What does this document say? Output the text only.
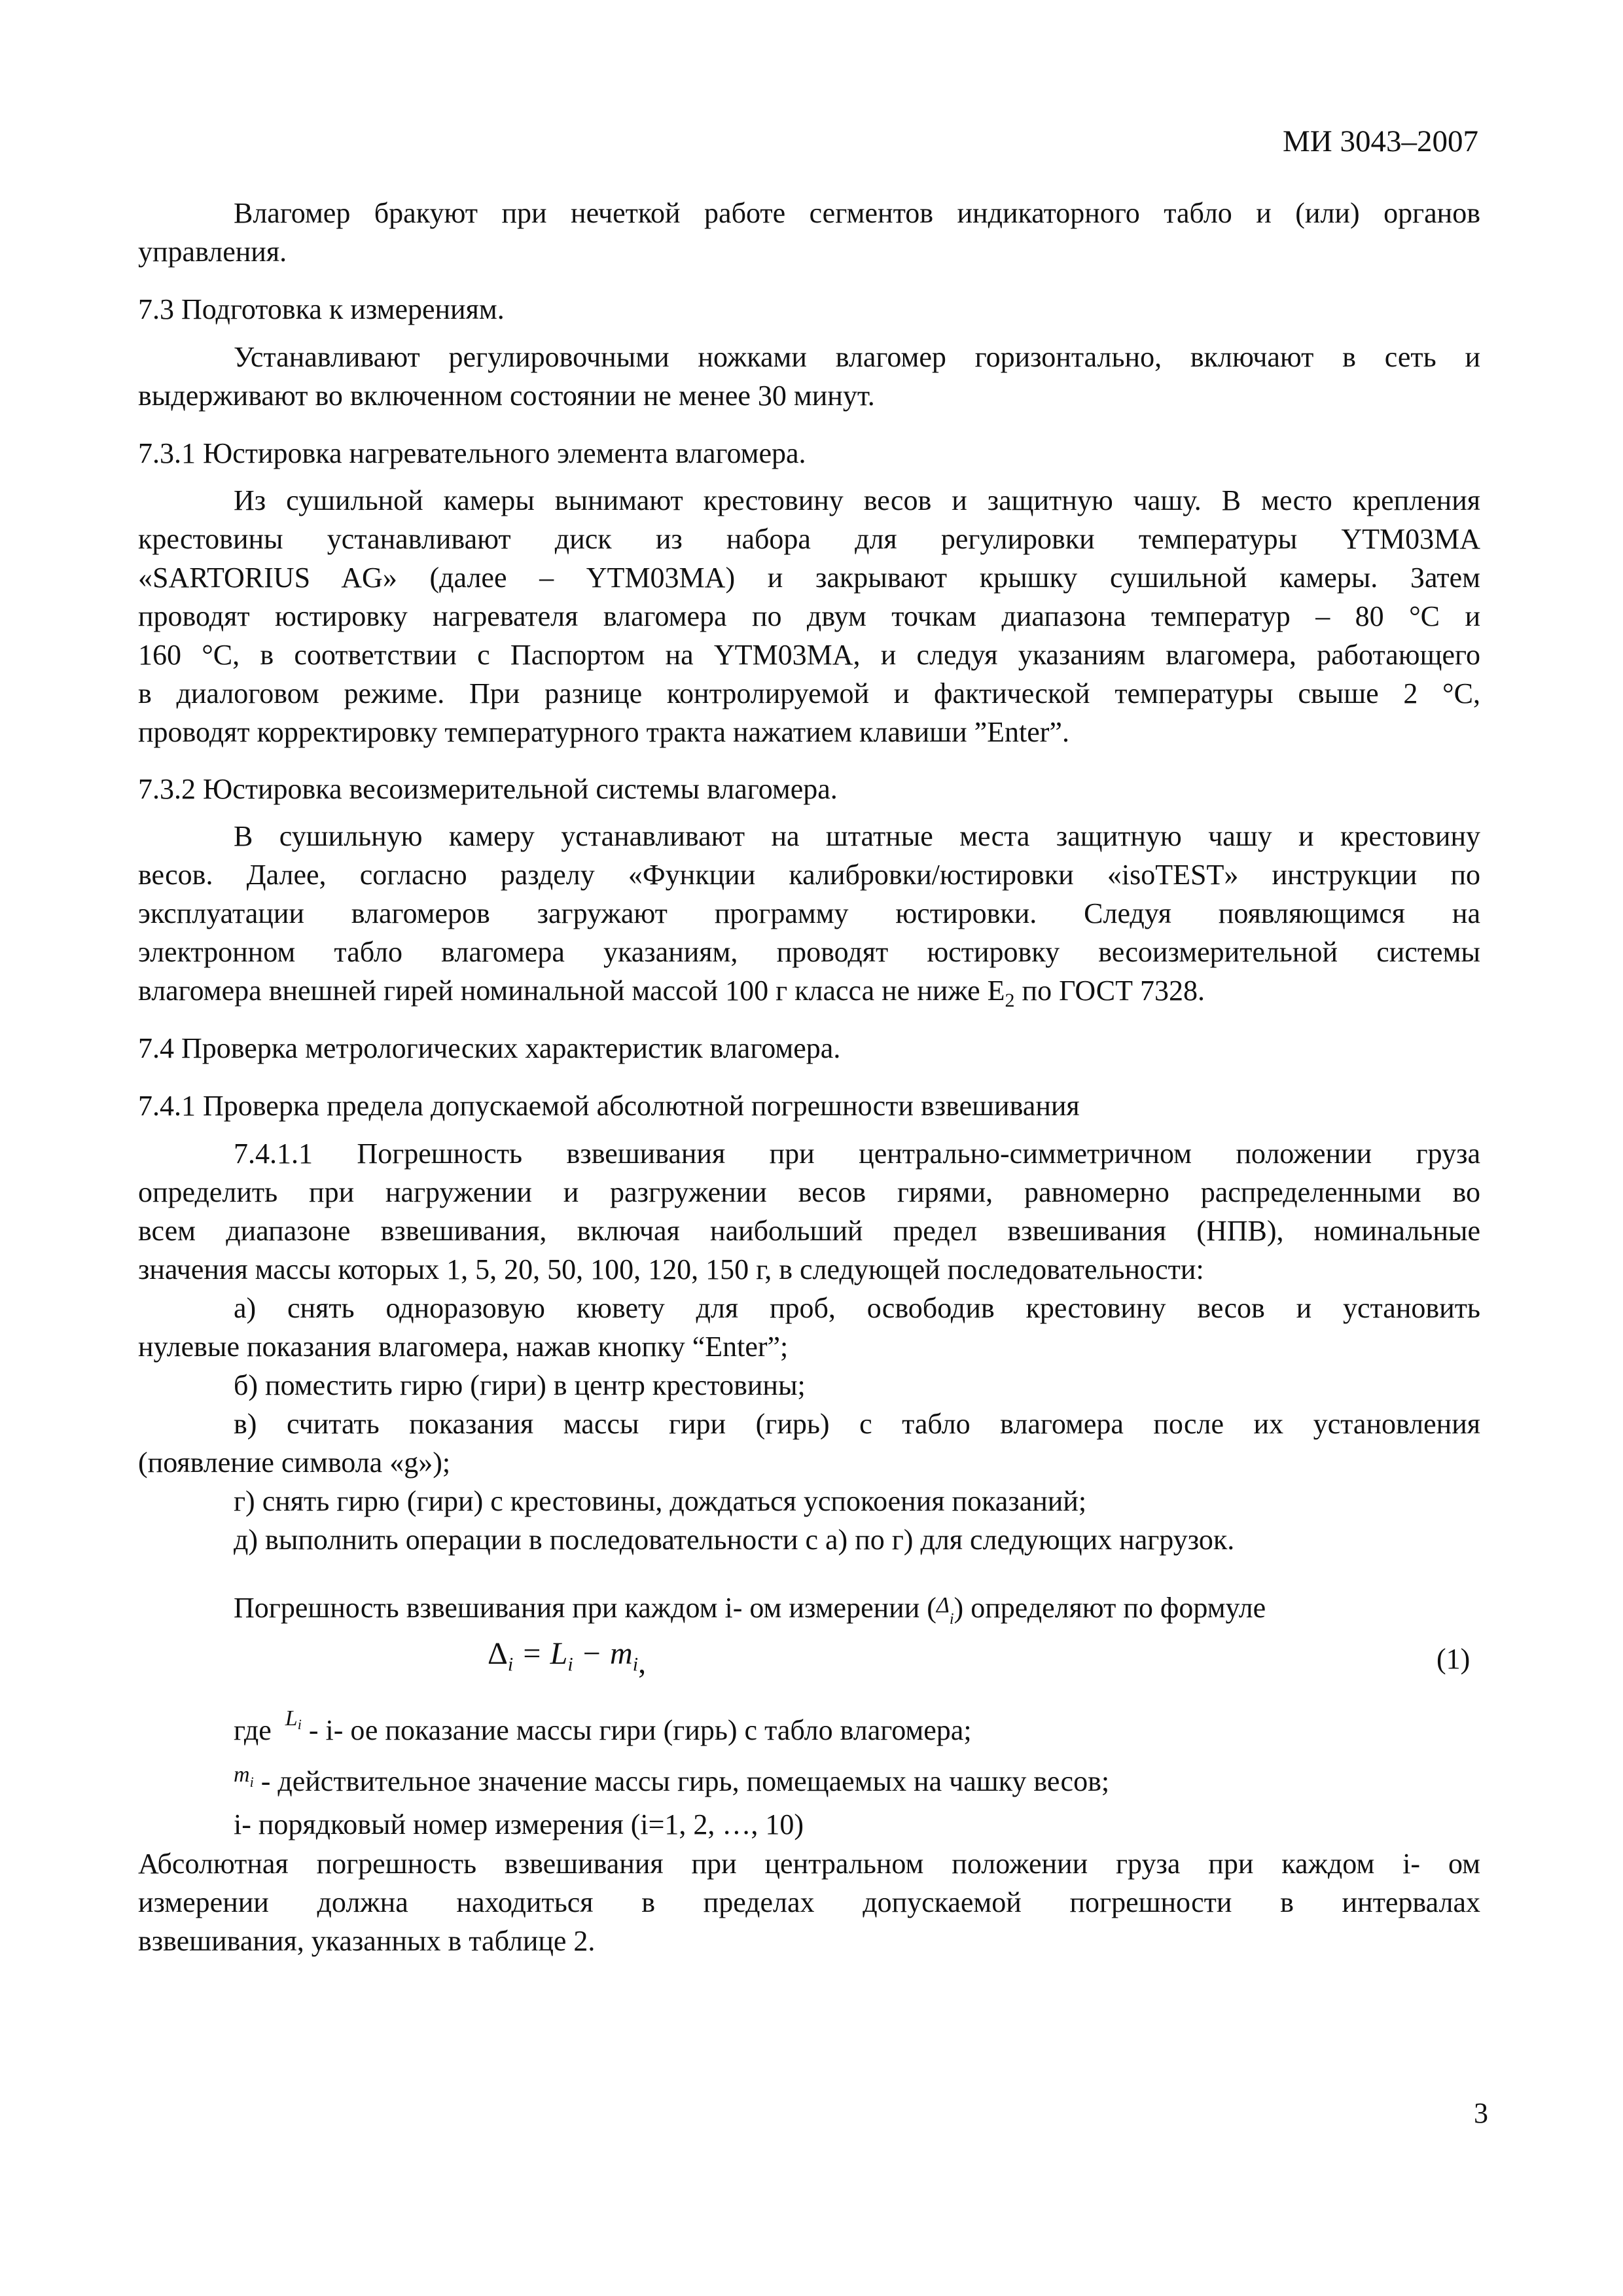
МИ 3043–2007
Влагомер бракуют при нечеткой работе сегментов индикаторного табло и (или) органов
управления.
7.3 Подготовка к измерениям.
Устанавливают регулировочными ножками влагомер горизонтально, включают в сеть и
выдерживают во включенном состоянии не менее 30 минут.
7.3.1 Юстировка нагревательного элемента влагомера.
Из сушильной камеры вынимают крестовину весов и защитную чашу. В место крепления
крестовины устанавливают диск из набора для регулировки температуры YTM03MA
«SARTORIUS AG» (далее – YTM03MA) и закрывают крышку сушильной камеры. Затем
проводят юстировку нагревателя влагомера по двум точкам диапазона температур – 80 °С и
160 °С, в соответствии с Паспортом на YTM03MA, и следуя указаниям влагомера, работающего
в диалоговом режиме. При разнице контролируемой и фактической температуры свыше 2 °С,
проводят корректировку температурного тракта нажатием клавиши ”Enter”.
7.3.2 Юстировка весоизмерительной системы влагомера.
В сушильную камеру устанавливают на штатные места защитную чашу и крестовину
весов. Далее, согласно разделу «Функции калибровки/юстировки «isoTEST» инструкции по
эксплуатации влагомеров загружают программу юстировки. Следуя появляющимся на
электронном табло влагомера указаниям, проводят юстировку весоизмерительной системы
влагомера внешней гирей номинальной массой 100 г класса не ниже $Е_2$ по ГОСТ 7328.
7.4 Проверка метрологических характеристик влагомера.
7.4.1 Проверка предела допускаемой абсолютной погрешности взвешивания
7.4.1.1 Погрешность взвешивания при центрально-симметричном положении груза
определить при нагружении и разгружении весов гирями, равномерно распределенными во
всем диапазоне взвешивания, включая наибольший предел взвешивания (НПВ), номинальные
значения массы которых 1, 5, 20, 50, 100, 120, 150 г, в следующей последовательности:
а) снять одноразовую кювету для проб, освободив крестовину весов и установить
нулевые показания влагомера, нажав кнопку “Enter”;
б) поместить гирю (гири) в центр крестовины;
в) считать показания массы гири (гирь) с табло влагомера после их установления
(появление символа «g»);
г) снять гирю (гири) с крестовины, дождаться успокоения показаний;
д) выполнить операции в последовательности с а) по г) для следующих нагрузок.
Погрешность взвешивания при каждом i- ом измерении $(\Delta_i)$ определяют по формуле
$\Delta_i = L_i - m_i$,	(1)
где $^L_i$ - i- ое показание массы гири (гирь) с табло влагомера;
$^m_i$ - действительное значение массы гирь, помещаемых на чашку весов;
i- порядковый номер измерения (i=1, 2, …, 10)
Абсолютная погрешность взвешивания при центральном положении груза при каждом i- ом
измерении должна находиться в пределах допускаемой погрешности в интервалах
взвешивания, указанных в таблице 2.
3
